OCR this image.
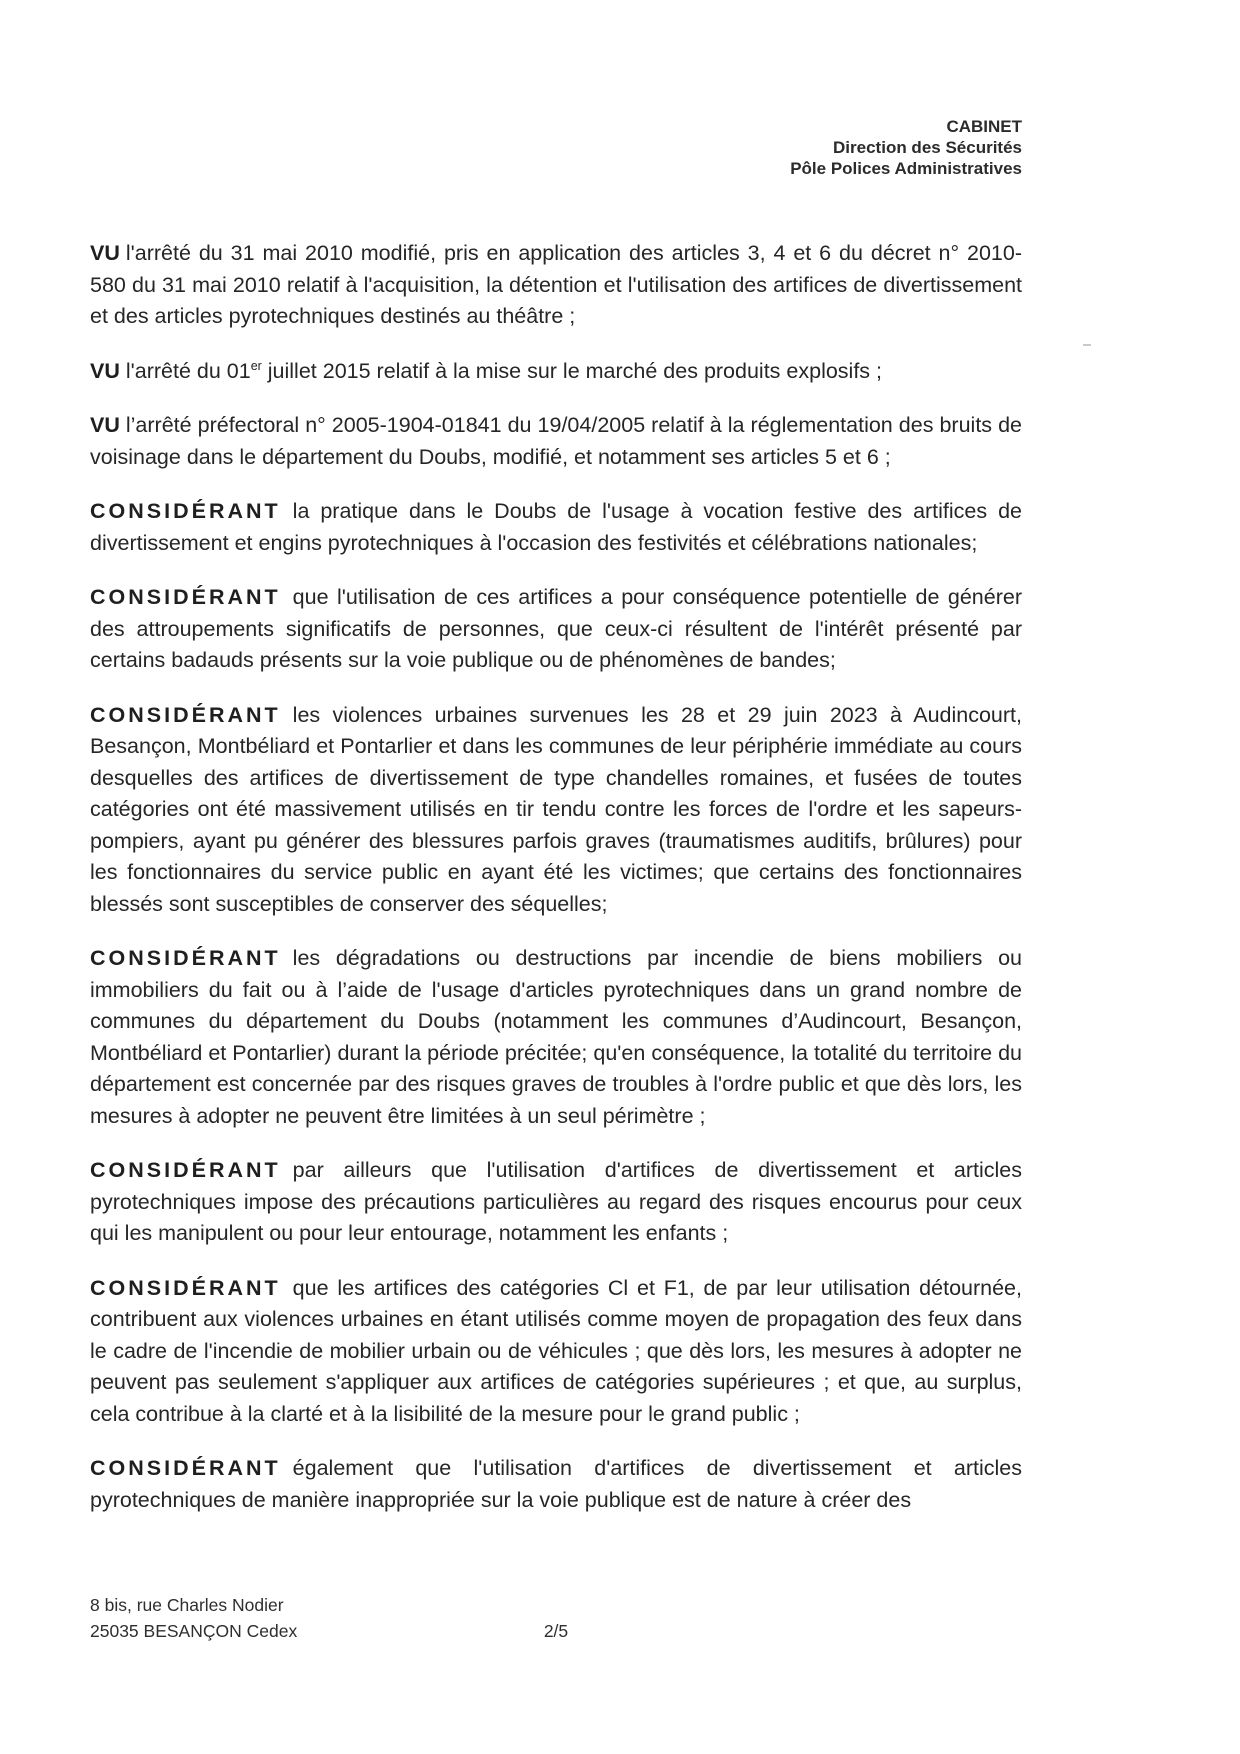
CABINET
Direction des Sécurités
Pôle Polices Administratives

VU l'arrêté du 31 mai 2010 modifié, pris en application des articles 3, 4 et 6 du décret n° 2010-580 du 31 mai 2010 relatif à l'acquisition, la détention et l'utilisation des artifices de divertissement et des articles pyrotechniques destinés au théâtre ;

VU l'arrêté du 01er juillet 2015 relatif à la mise sur le marché des produits explosifs ;

VU l’arrêté préfectoral n° 2005-1904-01841 du 19/04/2005 relatif à la réglementation des bruits de voisinage dans le département du Doubs, modifié, et notamment ses articles 5 et 6 ;

CONSIDÉRANT la pratique dans le Doubs de l'usage à vocation festive des artifices de divertissement et engins pyrotechniques à l'occasion des festivités et célébrations nationales;

CONSIDÉRANT que l'utilisation de ces artifices a pour conséquence potentielle de générer des attroupements significatifs de personnes, que ceux-ci résultent de l'intérêt présenté par certains badauds présents sur la voie publique ou de phénomènes de bandes;

CONSIDÉRANT les violences urbaines survenues les 28 et 29 juin 2023 à Audincourt, Besançon, Montbéliard et Pontarlier et dans les communes de leur périphérie immédiate au cours desquelles des artifices de divertissement de type chandelles romaines, et fusées de toutes catégories ont été massivement utilisés en tir tendu contre les forces de l'ordre et les sapeurs-pompiers, ayant pu générer des blessures parfois graves (traumatismes auditifs, brûlures) pour les fonctionnaires du service public en ayant été les victimes; que certains des fonctionnaires blessés sont susceptibles de conserver des séquelles;

CONSIDÉRANT les dégradations ou destructions par incendie de biens mobiliers ou immobiliers du fait ou à l’aide de l'usage d'articles pyrotechniques dans un grand nombre de communes du département du Doubs (notamment les communes d’Audincourt, Besançon, Montbéliard et Pontarlier) durant la période précitée; qu'en conséquence, la totalité du territoire du département est concernée par des risques graves de troubles à l'ordre public et que dès lors, les mesures à adopter ne peuvent être limitées à un seul périmètre ;

CONSIDÉRANT par ailleurs que l'utilisation d'artifices de divertissement et articles pyrotechniques impose des précautions particulières au regard des risques encourus pour ceux qui les manipulent ou pour leur entourage, notamment les enfants ;

CONSIDÉRANT que les artifices des catégories Cl et F1, de par leur utilisation détournée, contribuent aux violences urbaines en étant utilisés comme moyen de propagation des feux dans le cadre de l'incendie de mobilier urbain ou de véhicules ; que dès lors, les mesures à adopter ne peuvent pas seulement s'appliquer aux artifices de catégories supérieures ; et que, au surplus, cela contribue à la clarté et à la lisibilité de la mesure pour le grand public ;

CONSIDÉRANT également que l'utilisation d'artifices de divertissement et articles pyrotechniques de manière inappropriée sur la voie publique est de nature à créer des

8 bis, rue Charles Nodier
25035 BESANÇON Cedex	2/5
